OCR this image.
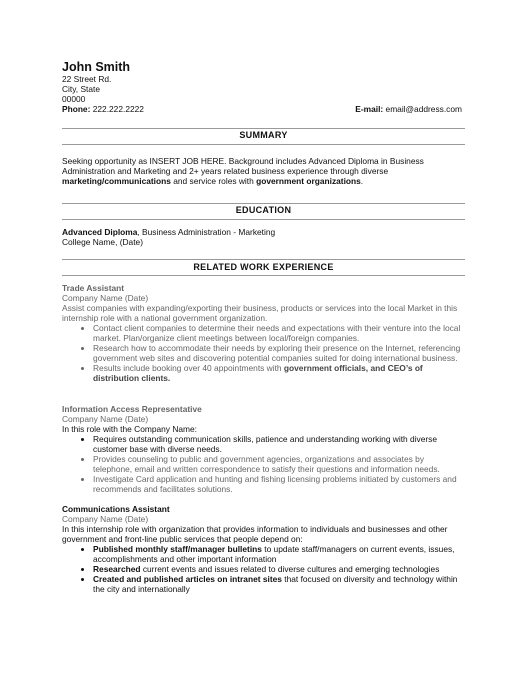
John Smith
22 Street Rd.
City, State
00000
Phone: 222.222.2222	E-mail: email@address.com
SUMMARY
Seeking opportunity as INSERT JOB HERE. Background includes Advanced Diploma in Business Administration and Marketing and 2+ years related business experience through diverse marketing/communications and service roles with government organizations.
EDUCATION
Advanced Diploma, Business Administration - Marketing
College Name, (Date)
RELATED WORK EXPERIENCE
Trade Assistant
Company Name (Date)
Assist companies with expanding/exporting their business, products or services into the local Market in this internship role with a national government organization.
• Contact client companies to determine their needs and expectations with their venture into the local market. Plan/organize client meetings between local/foreign companies.
• Research how to accommodate their needs by exploring their presence on the Internet, referencing government web sites and discovering potential companies suited for doing international business.
• Results include booking over 40 appointments with government officials, and CEO’s of distribution clients.
Information Access Representative
Company Name (Date)
In this role with the Company Name:
• Requires outstanding communication skills, patience and understanding working with diverse customer base with diverse needs.
• Provides counseling to public and government agencies, organizations and associates by telephone, email and written correspondence to satisfy their questions and information needs.
• Investigate Card application and hunting and fishing licensing problems initiated by customers and recommends and facilitates solutions.
Communications Assistant
Company Name (Date)
In this internship role with organization that provides information to individuals and businesses and other government and front-line public services that people depend on:
• Published monthly staff/manager bulletins to update staff/managers on current events, issues, accomplishments and other important information
• Researched current events and issues related to diverse cultures and emerging technologies
• Created and published articles on intranet sites that focused on diversity and technology within the city and internationally
